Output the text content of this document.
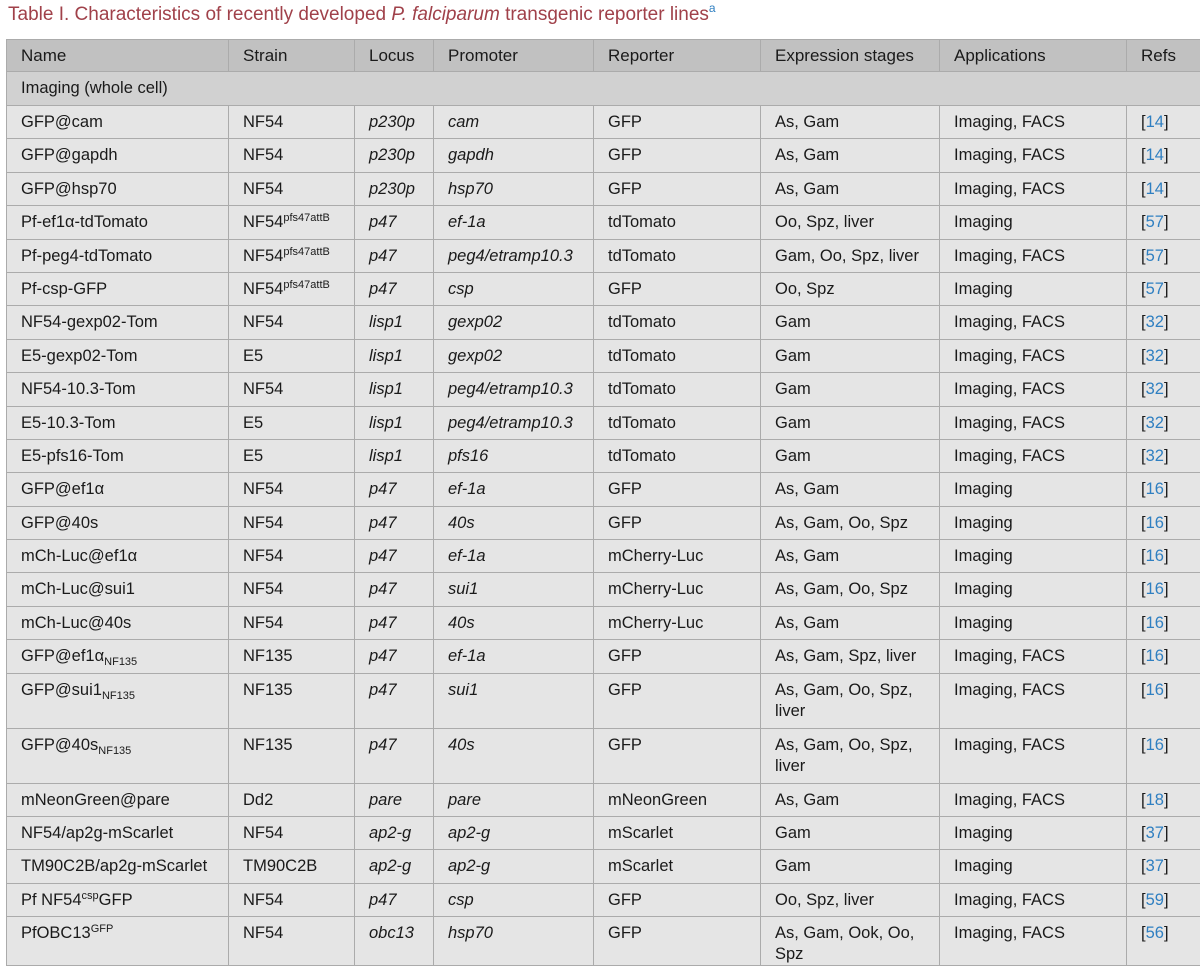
Table I. Characteristics of recently developed P. falciparum transgenic reporter lines$^a$
Name	Strain	Locus	Promoter	Reporter	Expression stages	Applications	Refs
Imaging (whole cell)							
GFP@cam	NF54	p230p	cam	GFP	As, Gam	Imaging, FACS	[14]
GFP@gapdh	NF54	p230p	gapdh	GFP	As, Gam	Imaging, FACS	[14]
GFP@hsp70	NF54	p230p	hsp70	GFP	As, Gam	Imaging, FACS	[14]
Pf-ef1α-tdTomato	$NF54^{pfs47attB}$	p47	ef-1a	tdTomato	Oo, Spz, liver	Imaging	[57]
Pf-peg4-tdTomato	$NF54^{pfs47attB}$	p47	peg4/etramp10.3	tdTomato	Gam, Oo, Spz, liver	Imaging, FACS	[57]
Pf-csp-GFP	$NF54^{pfs47attB}$	p47	csp	GFP	Oo, Spz	Imaging	[57]
NF54-gexp02-Tom	NF54	lisp1	gexp02	tdTomato	Gam	Imaging, FACS	[32]
E5-gexp02-Tom	E5	lisp1	gexp02	tdTomato	Gam	Imaging, FACS	[32]
NF54-10.3-Tom	NF54	lisp1	peg4/etramp10.3	tdTomato	Gam	Imaging, FACS	[32]
E5-10.3-Tom	E5	lisp1	peg4/etramp10.3	tdTomato	Gam	Imaging, FACS	[32]
E5-pfs16-Tom	E5	lisp1	pfs16	tdTomato	Gam	Imaging, FACS	[32]
GFP@ef1α	NF54	p47	ef-1a	GFP	As, Gam	Imaging	[16]
GFP@40s	NF54	p47	40s	GFP	As, Gam, Oo, Spz	Imaging	[16]
mCh-Luc@ef1α	NF54	p47	ef-1a	mCherry-Luc	As, Gam	Imaging	[16]
mCh-Luc@sui1	NF54	p47	sui1	mCherry-Luc	As, Gam, Oo, Spz	Imaging	[16]
mCh-Luc@40s	NF54	p47	40s	mCherry-Luc	As, Gam	Imaging	[16]
$GFP@ef1\alpha_{NF135}$	NF135	p47	ef-1a	GFP	As, Gam, Spz, liver	Imaging, FACS	[16]
$GFP@sui1_{NF135}$	NF135	p47	sui1	GFP	As, Gam, Oo, Spz, liver	Imaging, FACS	[16]
$GFP@40s_{NF135}$	NF135	p47	40s	GFP	As, Gam, Oo, Spz, liver	Imaging, FACS	[16]
mNeonGreen@pare	Dd2	pare	pare	mNeonGreen	As, Gam	Imaging, FACS	[18]
NF54/ap2g-mScarlet	NF54	ap2-g	ap2-g	mScarlet	Gam	Imaging	[37]
TM90C2B/ap2g-mScarlet	TM90C2B	ap2-g	ap2-g	mScarlet	Gam	Imaging	[37]
Pf $NF54^{csp}GFP$	NF54	p47	csp	GFP	Oo, Spz, liver	Imaging, FACS	[59]
$PfOBC13^{GFP}$	NF54	obc13	hsp70	GFP	As, Gam, Ook, Oo, Spz	Imaging, FACS	[56]
